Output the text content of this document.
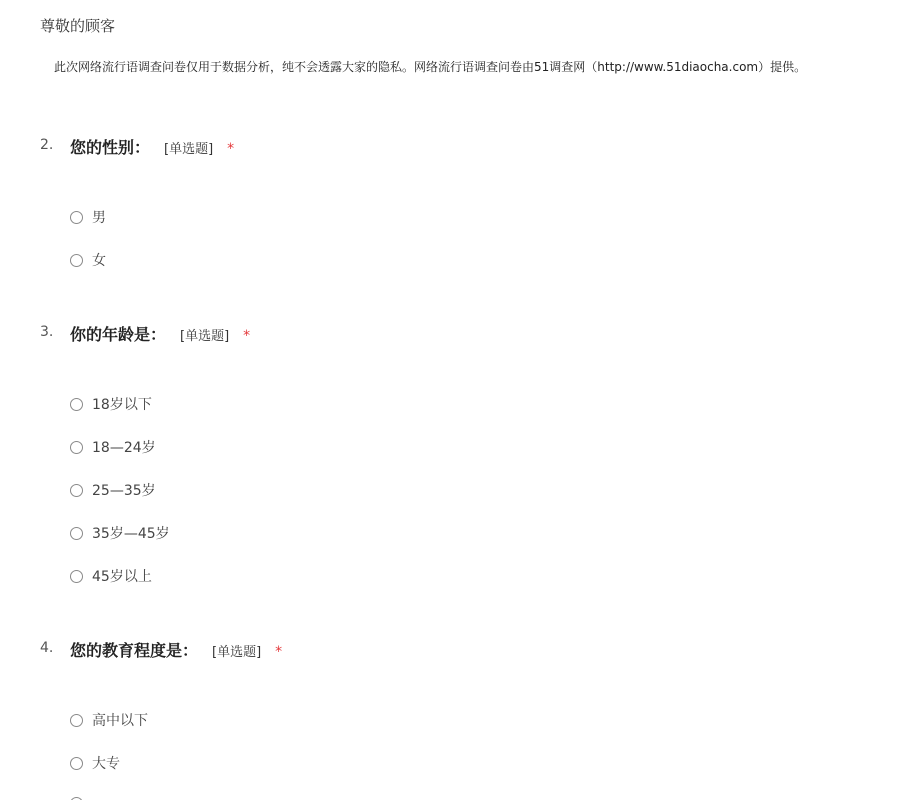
尊敬的顾客
此次网络流行语调查问卷仅用于数据分析，纯不会透露大家的隐私。网络流行语调查问卷由51调查网（http://www.51diaocha.com）提供。
2. 您的性别： [单选题] *
男
女
3. 你的年龄是： [单选题] *
18岁以下
18—24岁
25—35岁
35岁—45岁
45岁以上
4. 您的教育程度是： [单选题] *
高中以下
大专
